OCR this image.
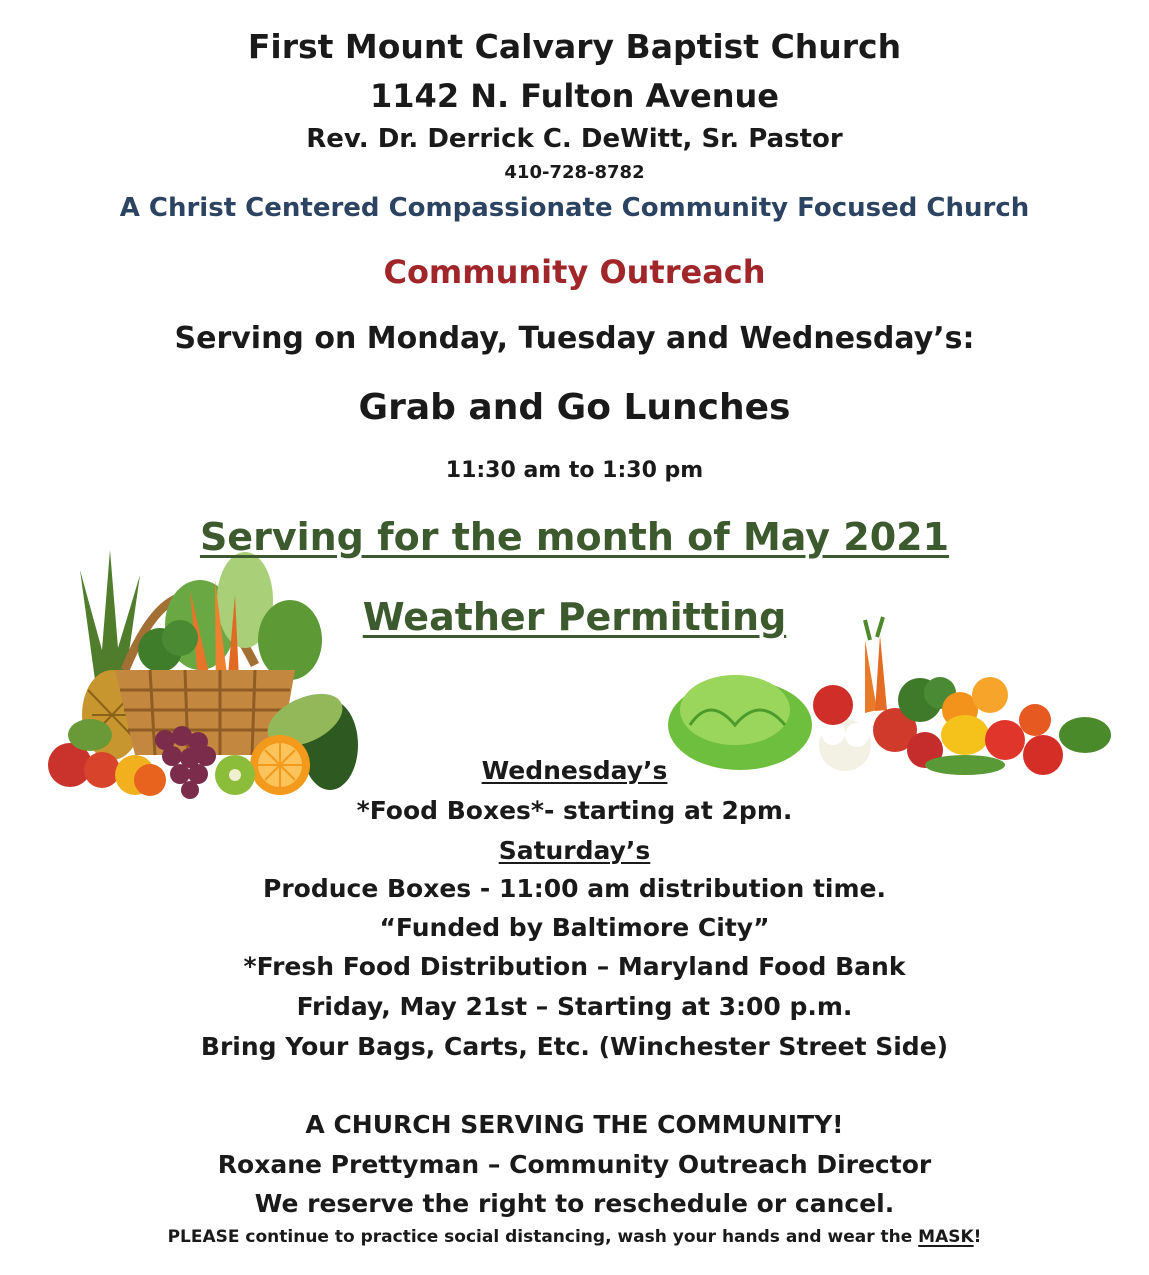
First Mount Calvary Baptist Church
1142 N. Fulton Avenue
Rev. Dr. Derrick C. DeWitt, Sr. Pastor
410-728-8782
A Christ Centered Compassionate Community Focused Church
Community Outreach
Serving on Monday, Tuesday and Wednesday’s:
Grab and Go Lunches
11:30 am to 1:30 pm
Serving for the month of May 2021
Weather Permitting
Wednesday’s
*Food Boxes*- starting at 2pm.
Saturday’s
Produce Boxes - 11:00 am distribution time.
“Funded by Baltimore City”
*Fresh Food Distribution – Maryland Food Bank
Friday, May 21st – Starting at 3:00 p.m.
Bring Your Bags, Carts, Etc. (Winchester Street Side)
A CHURCH SERVING THE COMMUNITY!
Roxane Prettyman – Community Outreach Director
We reserve the right to reschedule or cancel.
PLEASE continue to practice social distancing, wash your hands and wear the MASK!
